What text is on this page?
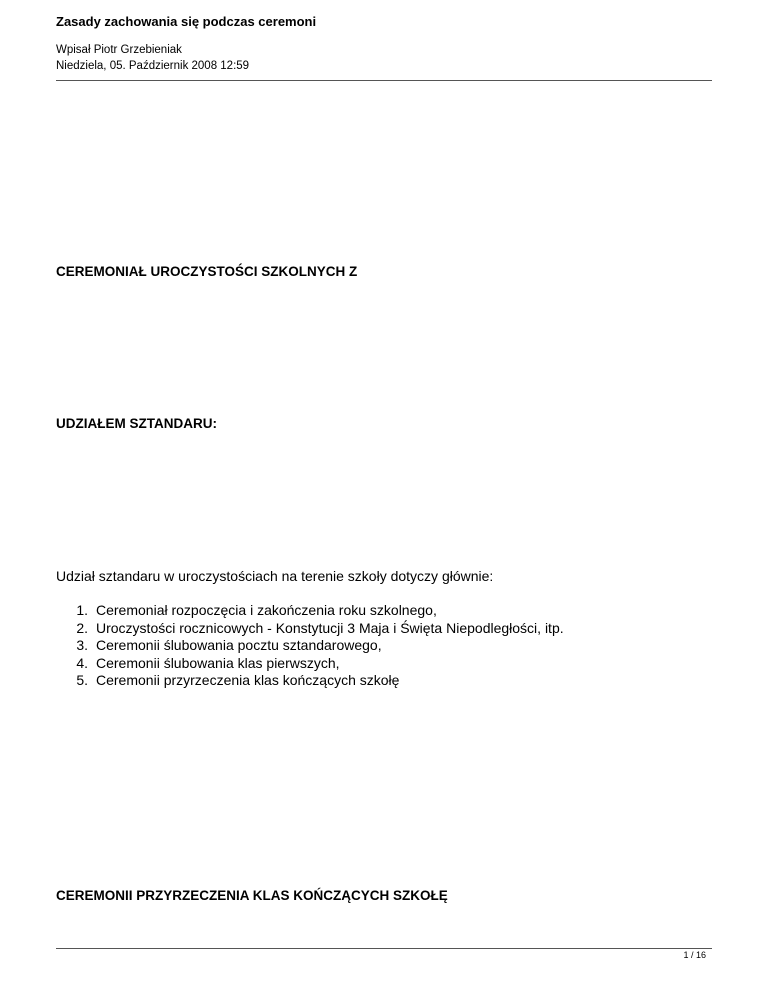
Zasady zachowania się podczas ceremoni

Wpisał Piotr Grzebieniak

Niedziela, 05. Październik 2008 12:59

CEREMONIAŁ UROCZYSTOŚCI SZKOLNYCH Z

UDZIAŁEM SZTANDARU:

Udział sztandaru w uroczystościach na terenie szkoły dotyczy głównie:

1. Ceremoniał rozpoczęcia i zakończenia roku szkolnego,
2. Uroczystości rocznicowych - Konstytucji 3 Maja i Święta Niepodległości, itp.
3. Ceremonii ślubowania pocztu sztandarowego,
4. Ceremonii ślubowania klas pierwszych,
5. Ceremonii przyrzeczenia klas kończących szkołę

CEREMONII PRZYRZECZENIA KLAS KOŃCZĄCYCH SZKOŁĘ

1 / 16
